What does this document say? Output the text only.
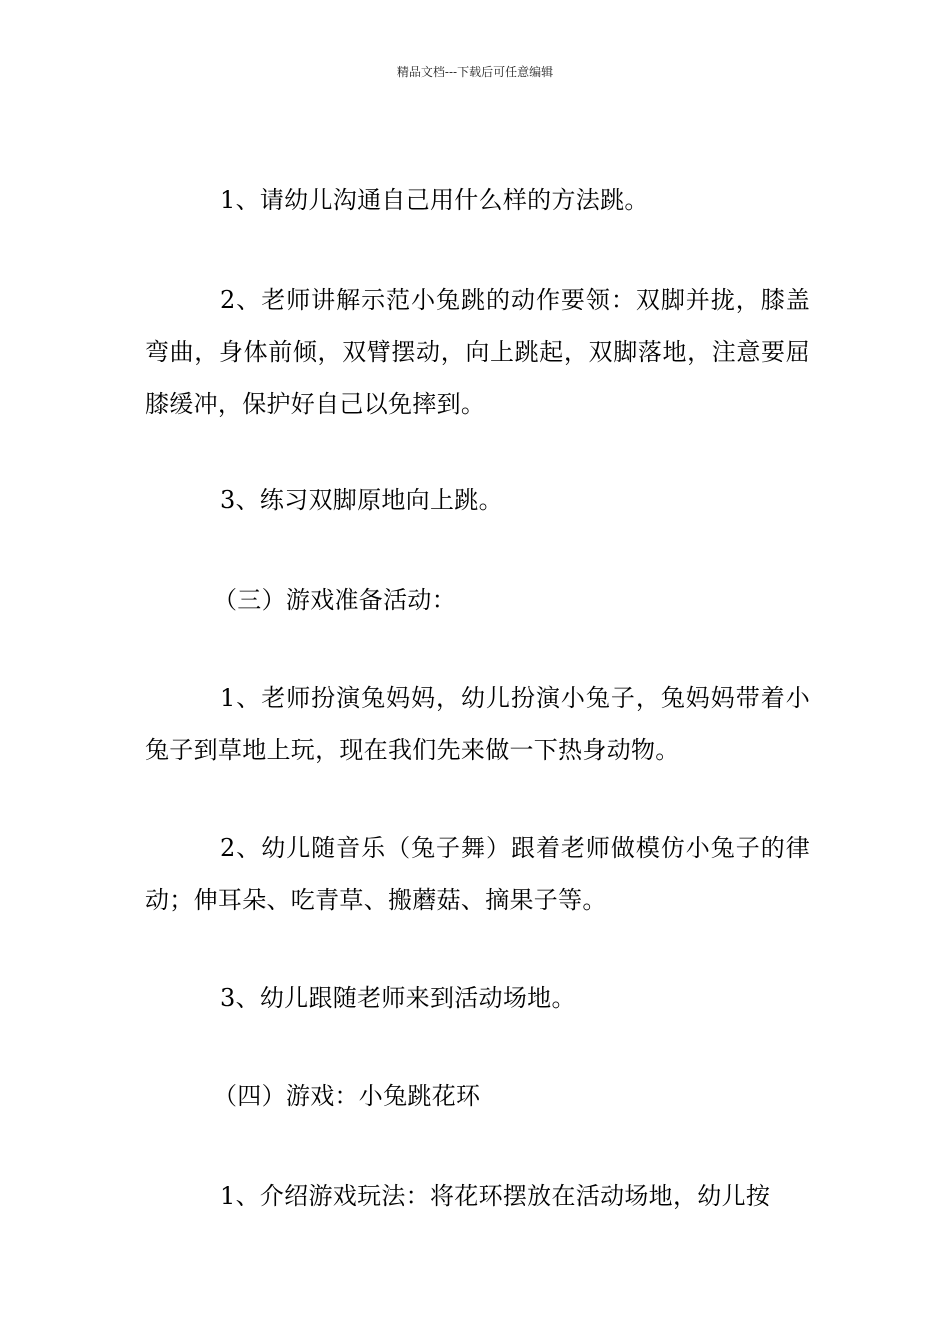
精品文档---下载后可任意编辑

1、请幼儿沟通自己用什么样的方法跳。

2、老师讲解示范小兔跳的动作要领：双脚并拢，膝盖弯曲，身体前倾，双臂摆动，向上跳起，双脚落地，注意要屈膝缓冲，保护好自己以免摔到。

3、练习双脚原地向上跳。

（三）游戏准备活动：

1、老师扮演兔妈妈，幼儿扮演小兔子，兔妈妈带着小兔子到草地上玩，现在我们先来做一下热身动物。

2、幼儿随音乐（兔子舞）跟着老师做模仿小兔子的律动；伸耳朵、吃青草、搬蘑菇、摘果子等。

3、幼儿跟随老师来到活动场地。

（四）游戏：小兔跳花环

1、介绍游戏玩法：将花环摆放在活动场地，幼儿按
